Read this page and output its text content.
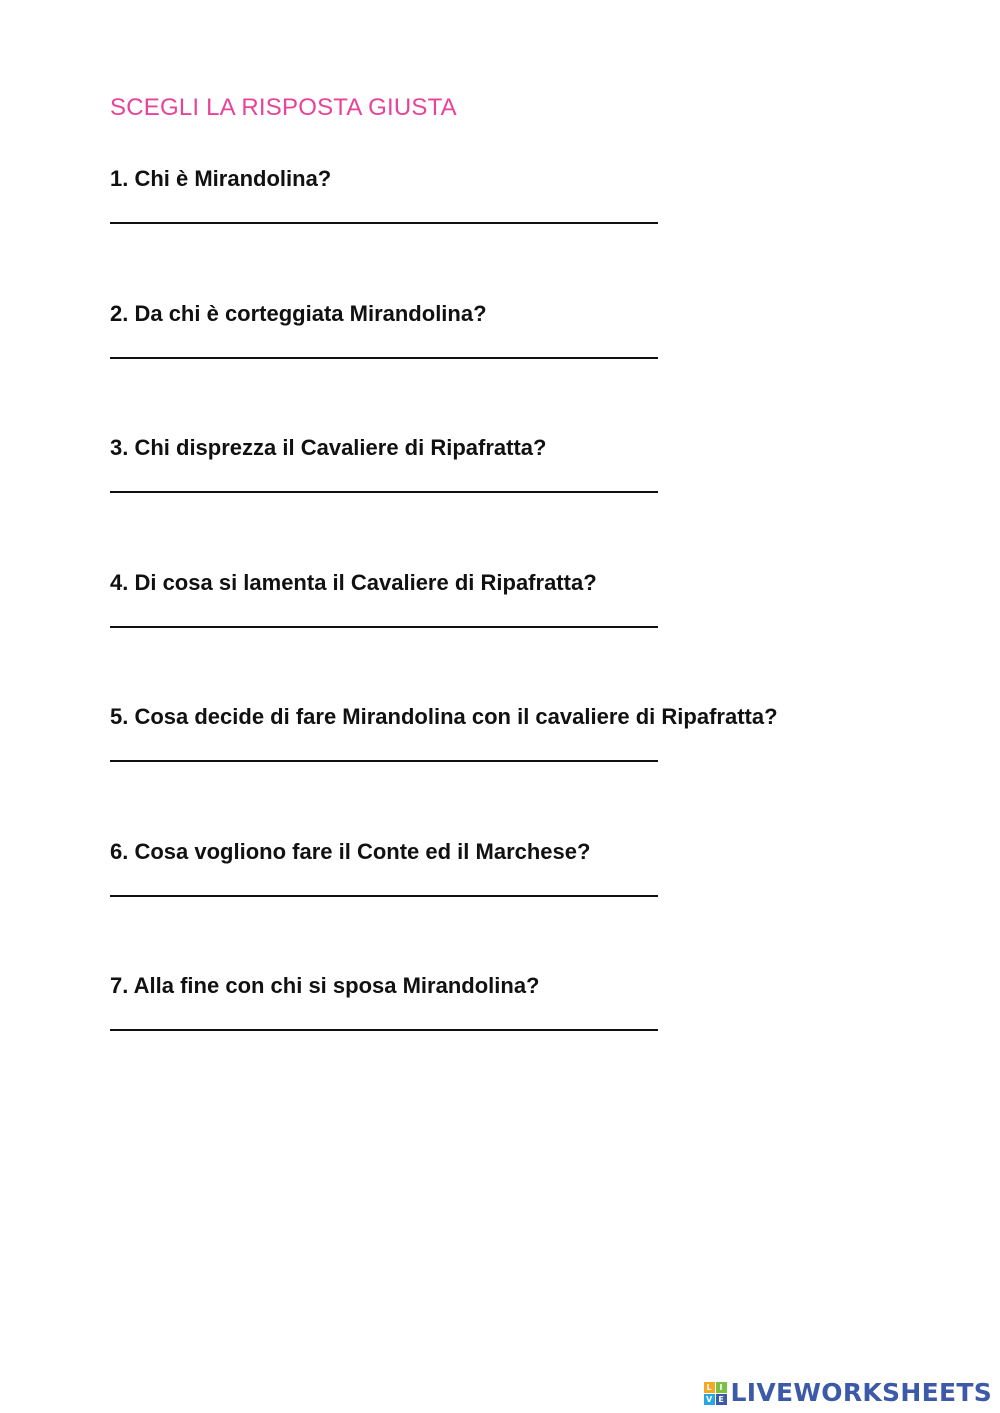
SCEGLI LA RISPOSTA GIUSTA
1. Chi è Mirandolina?
2. Da chi è corteggiata Mirandolina?
3. Chi disprezza il Cavaliere di Ripafratta?
4. Di cosa si lamenta il Cavaliere di Ripafratta?
5. Cosa decide di fare Mirandolina con il cavaliere di Ripafratta?
6. Cosa vogliono fare il Conte ed il Marchese?
7. Alla fine con chi si sposa Mirandolina?
L I
V E LIVEWORKSHEETS
